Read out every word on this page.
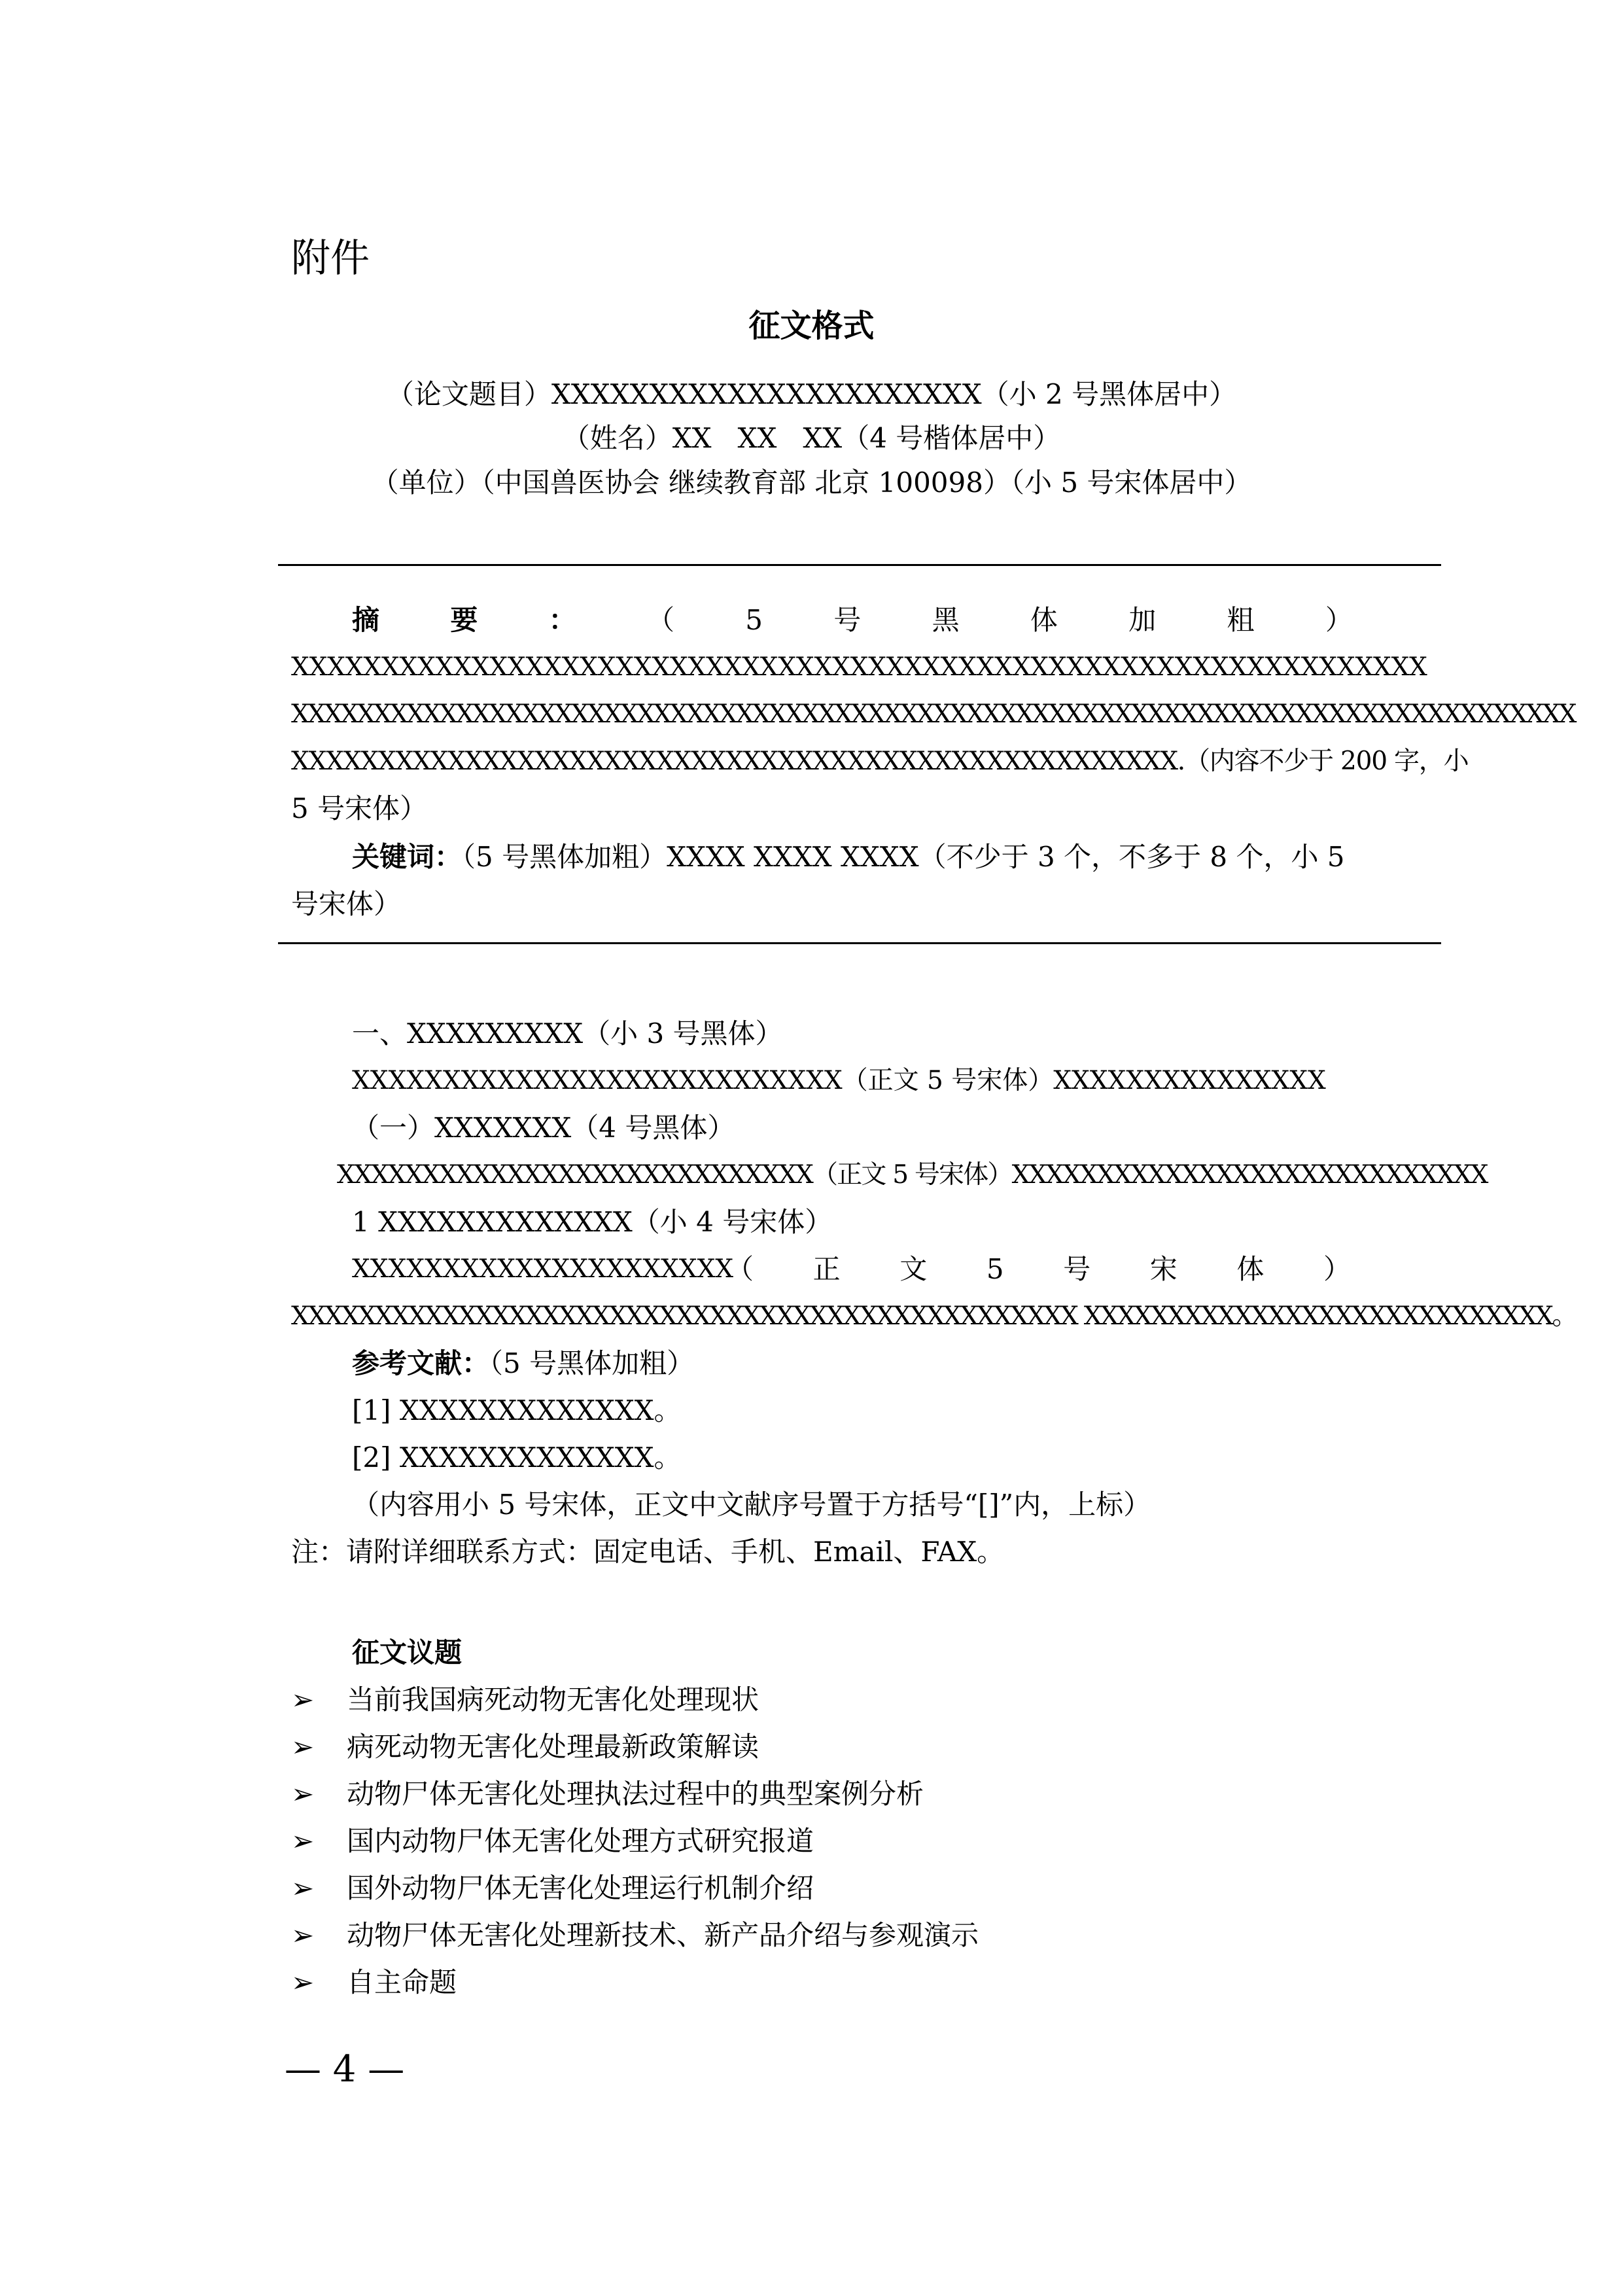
附件
征文格式
（论文题目）XXXXXXXXXXXXXXXXXXXXXX（小 2 号黑体居中）
（姓名）XX   XX   XX（4 号楷体居中）
（单位）（中国兽医协会 继续教育部 北京 100098）（小 5 号宋体居中）
摘	要	：	（	5	号	黑	体	加	粗	）
XXXXXXXXXXXXXXXXXXXXXXXXXXXXXXXXXXXXXXXXXXXXXXXXXXXXXXXXXXXXXXX
XXXXXXXXXXXXXXXXXXXXXXXXXXXXXXXXXXXXXXXXXXXXXXXXXXXXXXXXXXXXXXXXXXXXXXXXXXXXXX
XXXXXXXXXXXXXXXXXXXXXXXXXXXXXXXXXXXXXXXXXXXXXXXXXXX.（内容不少于 200 字，小
5 号宋体）
关键词：（5 号黑体加粗）XXXX XXXX XXXX（不少于 3 个，不多于 8 个，小 5
号宋体）
一、XXXXXXXXX（小 3 号黑体）
XXXXXXXXXXXXXXXXXXXXXXXXXXX（正文 5 号宋体）XXXXXXXXXXXXXXX
（一）XXXXXXX（4 号黑体）
XXXXXXXXXXXXXXXXXXXXXXXXXXXX（正文 5 号宋体）XXXXXXXXXXXXXXXXXXXXXXXXXXXX
1 XXXXXXXXXXXXX（小 4 号宋体）
XXXXXXXXXXXXXXXXXXXXX
（ 正 文 5 号 宋 体 ）
XXXXXXXXXXXXXXXXXXXXXXXXXXXXXXXXXXXXXXXXXXXXXXX XXXXXXXXXXXXXXXXXXXXXXXXXXXX。
参考文献：（5 号黑体加粗）
[1] XXXXXXXXXXXXX。
[2] XXXXXXXXXXXXX。
（内容用小 5 号宋体，正文中文献序号置于方括号“[]”内，上标）
注：请附详细联系方式：固定电话、手机、Email、FAX。
征文议题
➢ 当前我国病死动物无害化处理现状
➢ 病死动物无害化处理最新政策解读
➢ 动物尸体无害化处理执法过程中的典型案例分析
➢ 国内动物尸体无害化处理方式研究报道
➢ 国外动物尸体无害化处理运行机制介绍
➢ 动物尸体无害化处理新技术、新产品介绍与参观演示
➢ 自主命题
— 4 —
